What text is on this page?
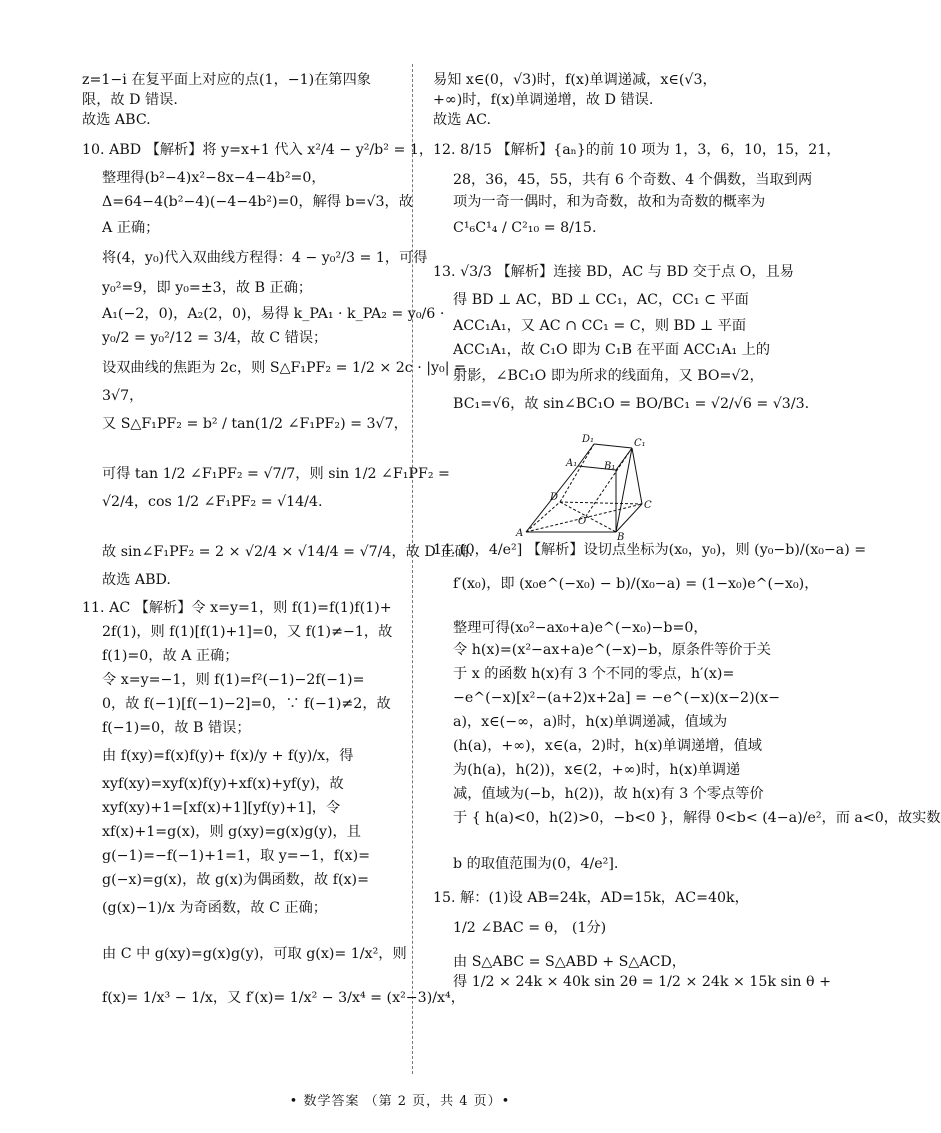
z=1−i 在复平面上对应的点(1，−1)在第四象
限，故 D 错误.
故选 ABC.
10. ABD 【解析】将 y=x+1 代入 x²/4 − y²/b² = 1，
整理得(b²−4)x²−8x−4−4b²=0，
Δ=64−4(b²−4)(−4−4b²)=0，解得 b=√3，故
A 正确；
将(4，y₀)代入双曲线方程得：4 − y₀²/3 = 1，可得
y₀²=9，即 y₀=±3，故 B 正确；
A₁(−2，0)，A₂(2，0)，易得 k_PA₁ · k_PA₂ = y₀/6 ·
y₀/2 = y₀²/12 = 3/4，故 C 错误；
设双曲线的焦距为 2c，则 S△F₁PF₂ = 1/2 × 2c · |y₀| =
3√7，
又 S△F₁PF₂ = b² / tan(1/2 ∠F₁PF₂) = 3√7，
可得 tan 1/2 ∠F₁PF₂ = √7/7，则 sin 1/2 ∠F₁PF₂ =
√2/4，cos 1/2 ∠F₁PF₂ = √14/4.
故 sin∠F₁PF₂ = 2 × √2/4 × √14/4 = √7/4，故 D 正确.
故选 ABD.
11. AC 【解析】令 x=y=1，则 f(1)=f(1)f(1)+
2f(1)，则 f(1)[f(1)+1]=0，又 f(1)≠−1，故
f(1)=0，故 A 正确；
令 x=y=−1，则 f(1)=f²(−1)−2f(−1)=
0，故 f(−1)[f(−1)−2]=0，∵ f(−1)≠2，故
f(−1)=0，故 B 错误；
由 f(xy)=f(x)f(y)+ f(x)/y + f(y)/x，得
xyf(xy)=xyf(x)f(y)+xf(x)+yf(y)，故
xyf(xy)+1=[xf(x)+1][yf(y)+1]，令
xf(x)+1=g(x)，则 g(xy)=g(x)g(y)，且
g(−1)=−f(−1)+1=1，取 y=−1，f(x)=
g(−x)=g(x)，故 g(x)为偶函数，故 f(x)=
(g(x)−1)/x 为奇函数，故 C 正确；
由 C 中 g(xy)=g(x)g(y)，可取 g(x)= 1/x²，则
f(x)= 1/x³ − 1/x，又 f′(x)= 1/x² − 3/x⁴ = (x²−3)/x⁴，
易知 x∈(0，√3)时，f(x)单调递减，x∈(√3，
+∞)时，f(x)单调递增，故 D 错误.
故选 AC.
12. 8/15 【解析】{aₙ}的前 10 项为 1，3，6，10，15，21，
28，36，45，55，共有 6 个奇数、4 个偶数，当取到两
项为一奇一偶时，和为奇数，故和为奇数的概率为
C¹₆C¹₄ / C²₁₀ = 8/15.
13. √3/3 【解析】连接 BD，AC 与 BD 交于点 O，且易
得 BD ⊥ AC，BD ⊥ CC₁，AC，CC₁ ⊂ 平面
ACC₁A₁，又 AC ∩ CC₁ = C，则 BD ⊥ 平面
ACC₁A₁，故 C₁O 即为 C₁B 在平面 ACC₁A₁ 上的
射影，∠BC₁O 即为所求的线面角，又 BO=√2，
BC₁=√6，故 sin∠BC₁O = BO/BC₁ = √2/√6 = √3/3.
14. (0，4/e²] 【解析】设切点坐标为(x₀，y₀)，则 (y₀−b)/(x₀−a) =
f′(x₀)，即 (x₀e^(−x₀) − b)/(x₀−a) = (1−x₀)e^(−x₀)，
整理可得(x₀²−ax₀+a)e^(−x₀)−b=0，
令 h(x)=(x²−ax+a)e^(−x)−b，原条件等价于关
于 x 的函数 h(x)有 3 个不同的零点，h′(x)=
−e^(−x)[x²−(a+2)x+2a] = −e^(−x)(x−2)(x−
a)，x∈(−∞，a)时，h(x)单调递减，值域为
(h(a)，+∞)，x∈(a，2)时，h(x)单调递增，值域
为(h(a)，h(2))，x∈(2，+∞)时，h(x)单调递
减，值域为(−b，h(2))，故 h(x)有 3 个零点等价
于 { h(a)<0，h(2)>0，−b<0 }，解得 0<b< (4−a)/e²，而 a<0，故实数
b 的取值范围为(0，4/e²].
15. 解：(1)设 AB=24k，AD=15k，AC=40k，
1/2 ∠BAC = θ， (1分)
由 S△ABC = S△ABD + S△ACD，
得 1/2 × 24k × 40k sin 2θ = 1/2 × 24k × 15k sin θ +
D₁	C₁
A₁	B₁
D
C
O
A	B
• 数学答案 （第 2 页，共 4 页）•
